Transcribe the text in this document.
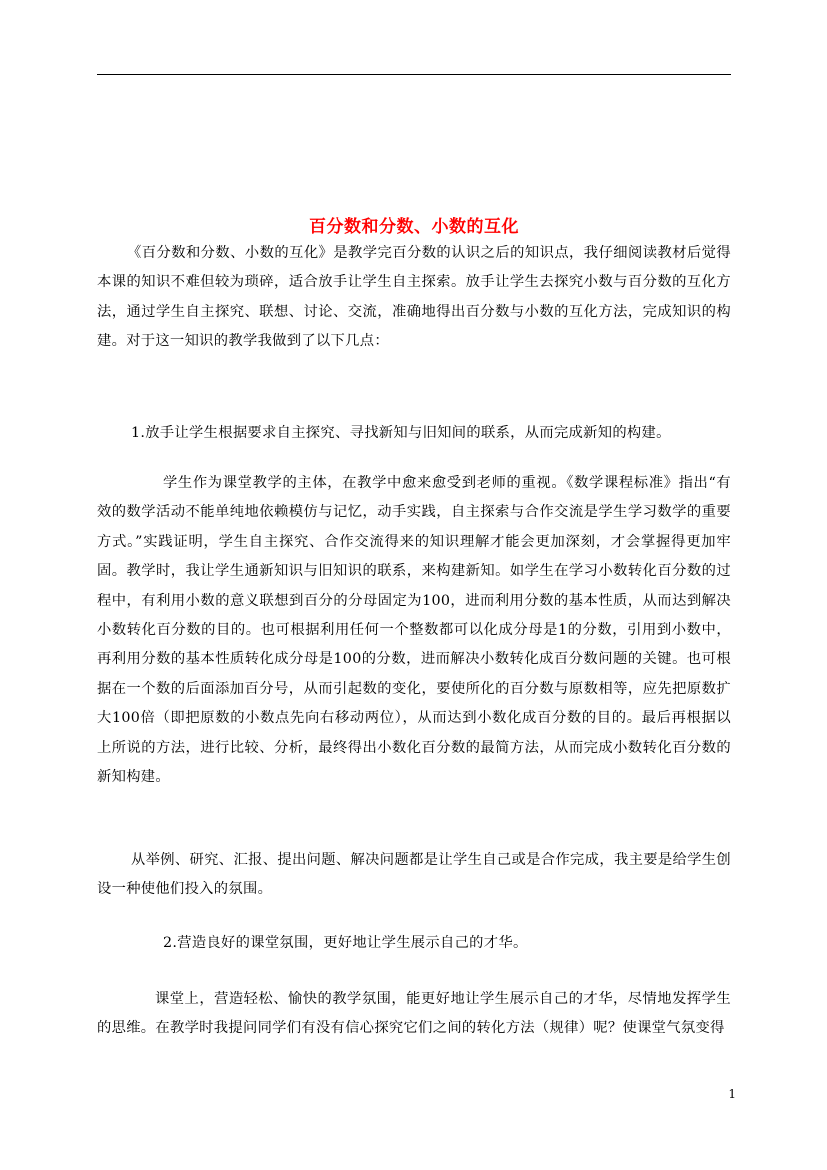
百分数和分数、小数的互化

《百分数和分数、小数的互化》是教学完百分数的认识之后的知识点，我仔细阅读教材后觉得本课的知识不难但较为琐碎，适合放手让学生自主探索。放手让学生去探究小数与百分数的互化方法，通过学生自主探究、联想、讨论、交流，准确地得出百分数与小数的互化方法，完成知识的构建。对于这一知识的教学我做到了以下几点：

1.放手让学生根据要求自主探究、寻找新知与旧知间的联系，从而完成新知的构建。

学生作为课堂教学的主体，在教学中愈来愈受到老师的重视。《数学课程标准》指出“有效的数学活动不能单纯地依赖模仿与记忆，动手实践，自主探索与合作交流是学生学习数学的重要方式。”实践证明，学生自主探究、合作交流得来的知识理解才能会更加深刻，才会掌握得更加牢固。教学时，我让学生通新知识与旧知识的联系，来构建新知。如学生在学习小数转化百分数的过程中，有利用小数的意义联想到百分的分母固定为100，进而利用分数的基本性质，从而达到解决小数转化百分数的目的。也可根据利用任何一个整数都可以化成分母是1的分数，引用到小数中，再利用分数的基本性质转化成分母是100的分数，进而解决小数转化成百分数问题的关键。也可根据在一个数的后面添加百分号，从而引起数的变化，要使所化的百分数与原数相等，应先把原数扩大100倍（即把原数的小数点先向右移动两位），从而达到小数化成百分数的目的。最后再根据以上所说的方法，进行比较、分析，最终得出小数化百分数的最简方法，从而完成小数转化百分数的新知构建。

从举例、研究、汇报、提出问题、解决问题都是让学生自己或是合作完成，我主要是给学生创设一种使他们投入的氛围。

2.营造良好的课堂氛围，更好地让学生展示自己的才华。

课堂上，营造轻松、愉快的教学氛围，能更好地让学生展示自己的才华，尽情地发挥学生的思维。在教学时我提问同学们有没有信心探究它们之间的转化方法（规律）呢？使课堂气氛变得

1
